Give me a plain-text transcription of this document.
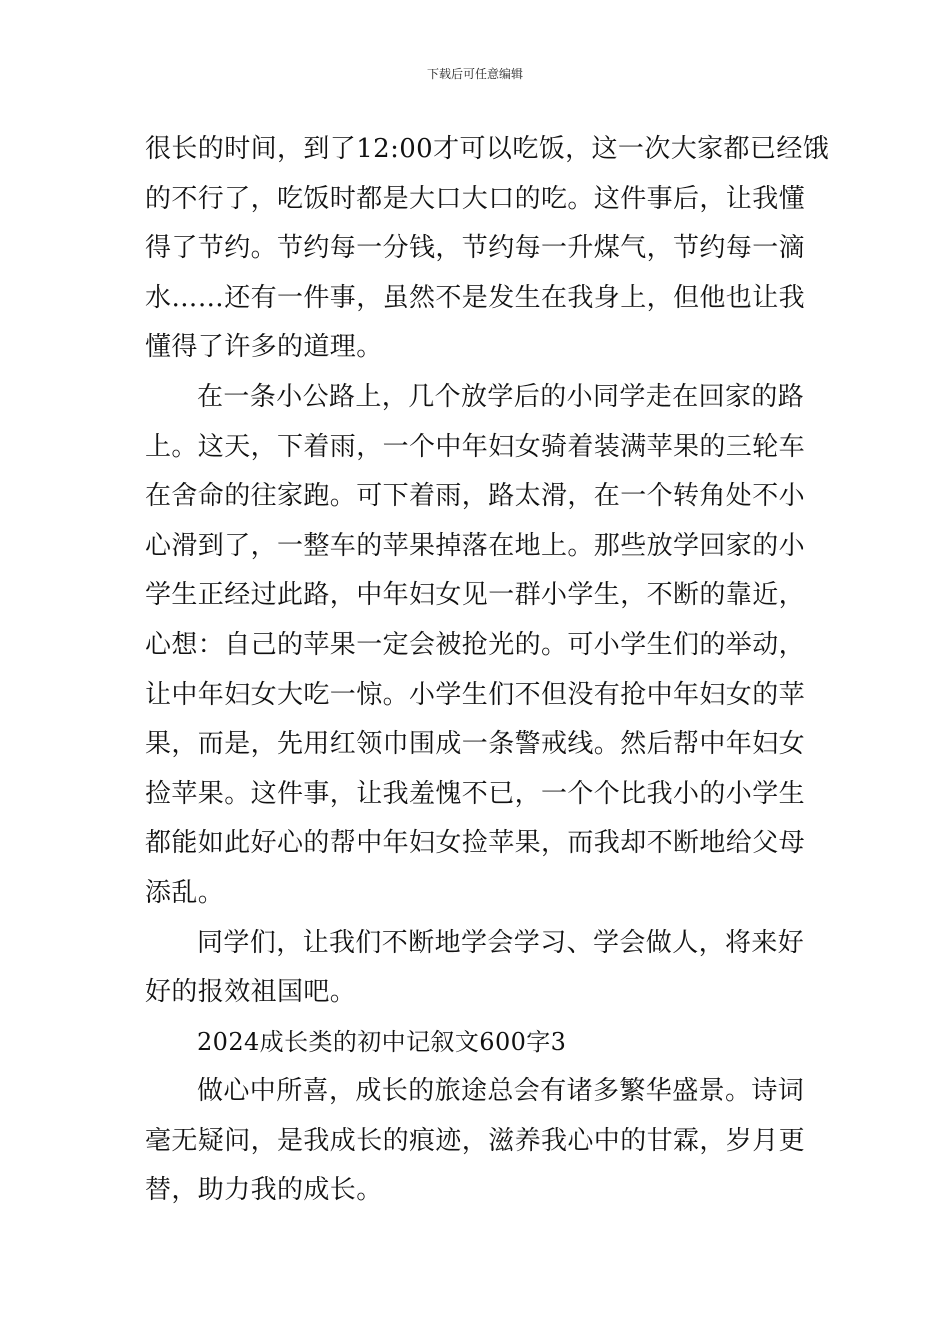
下载后可任意编辑
很长的时间，到了12:00才可以吃饭，这一次大家都已经饿
的不行了，吃饭时都是大口大口的吃。这件事后，让我懂
得了节约。节约每一分钱，节约每一升煤气，节约每一滴
水……还有一件事，虽然不是发生在我身上，但他也让我
懂得了许多的道理。
在一条小公路上，几个放学后的小同学走在回家的路
上。这天，下着雨，一个中年妇女骑着装满苹果的三轮车
在舍命的往家跑。可下着雨，路太滑，在一个转角处不小
心滑到了，一整车的苹果掉落在地上。那些放学回家的小
学生正经过此路，中年妇女见一群小学生，不断的靠近，
心想：自己的苹果一定会被抢光的。可小学生们的举动，
让中年妇女大吃一惊。小学生们不但没有抢中年妇女的苹
果，而是，先用红领巾围成一条警戒线。然后帮中年妇女
捡苹果。这件事，让我羞愧不已，一个个比我小的小学生
都能如此好心的帮中年妇女捡苹果，而我却不断地给父母
添乱。
同学们，让我们不断地学会学习、学会做人，将来好
好的报效祖国吧。
2024成长类的初中记叙文600字3
做心中所喜，成长的旅途总会有诸多繁华盛景。诗词
毫无疑问，是我成长的痕迹，滋养我心中的甘霖，岁月更
替，助力我的成长。
